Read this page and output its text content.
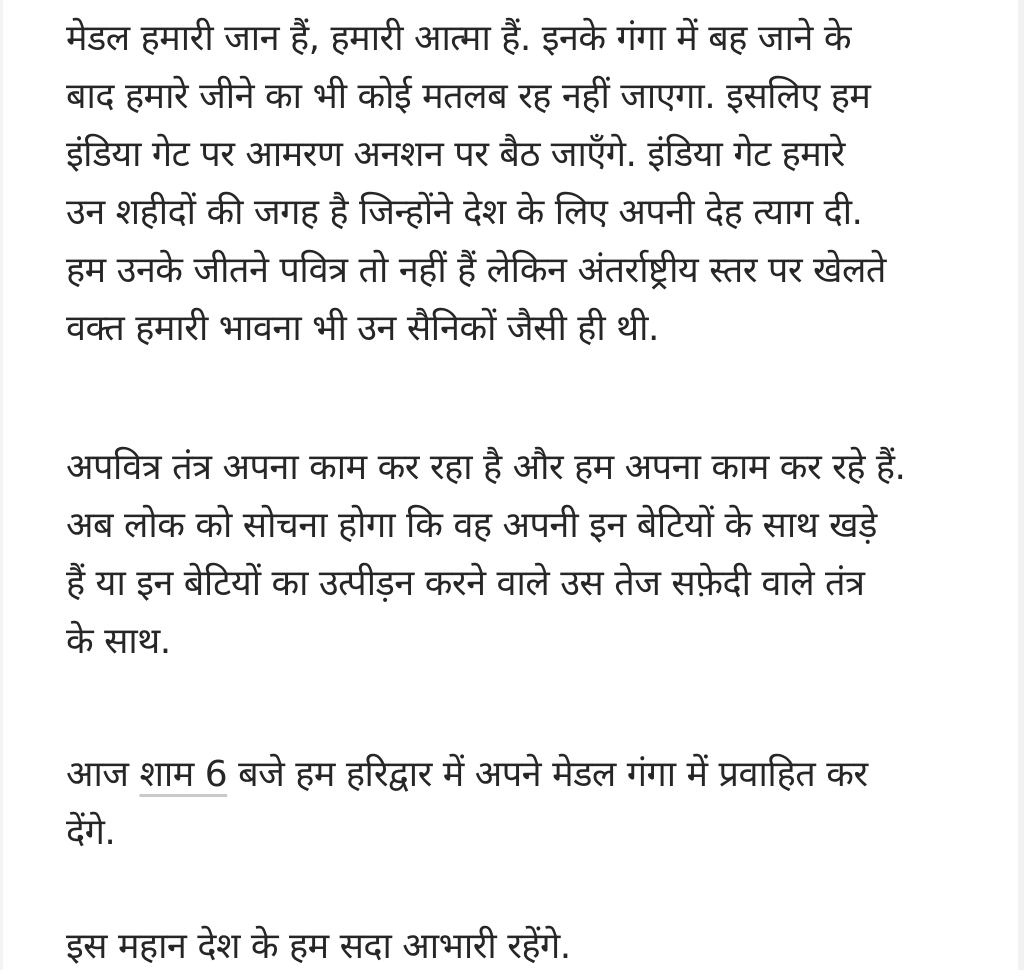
मेडल हमारी जान हैं, हमारी आत्मा हैं. इनके गंगा में बह जाने के
बाद हमारे जीने का भी कोई मतलब रह नहीं जाएगा. इसलिए हम
इंडिया गेट पर आमरण अनशन पर बैठ जाएँगे. इंडिया गेट हमारे
उन शहीदों की जगह है जिन्होंने देश के लिए अपनी देह त्याग दी.
हम उनके जीतने पवित्र तो नहीं हैं लेकिन अंतर्राष्ट्रीय स्तर पर खेलते
वक्त हमारी भावना भी उन सैनिकों जैसी ही थी.

अपवित्र तंत्र अपना काम कर रहा है और हम अपना काम कर रहे हैं.
अब लोक को सोचना होगा कि वह अपनी इन बेटियों के साथ खड़े
हैं या इन बेटियों का उत्पीड़न करने वाले उस तेज सफ़ेदी वाले तंत्र
के साथ.

आज शाम 6 बजे हम हरिद्वार में अपने मेडल गंगा में प्रवाहित कर
देंगे.

इस महान देश के हम सदा आभारी रहेंगे.
